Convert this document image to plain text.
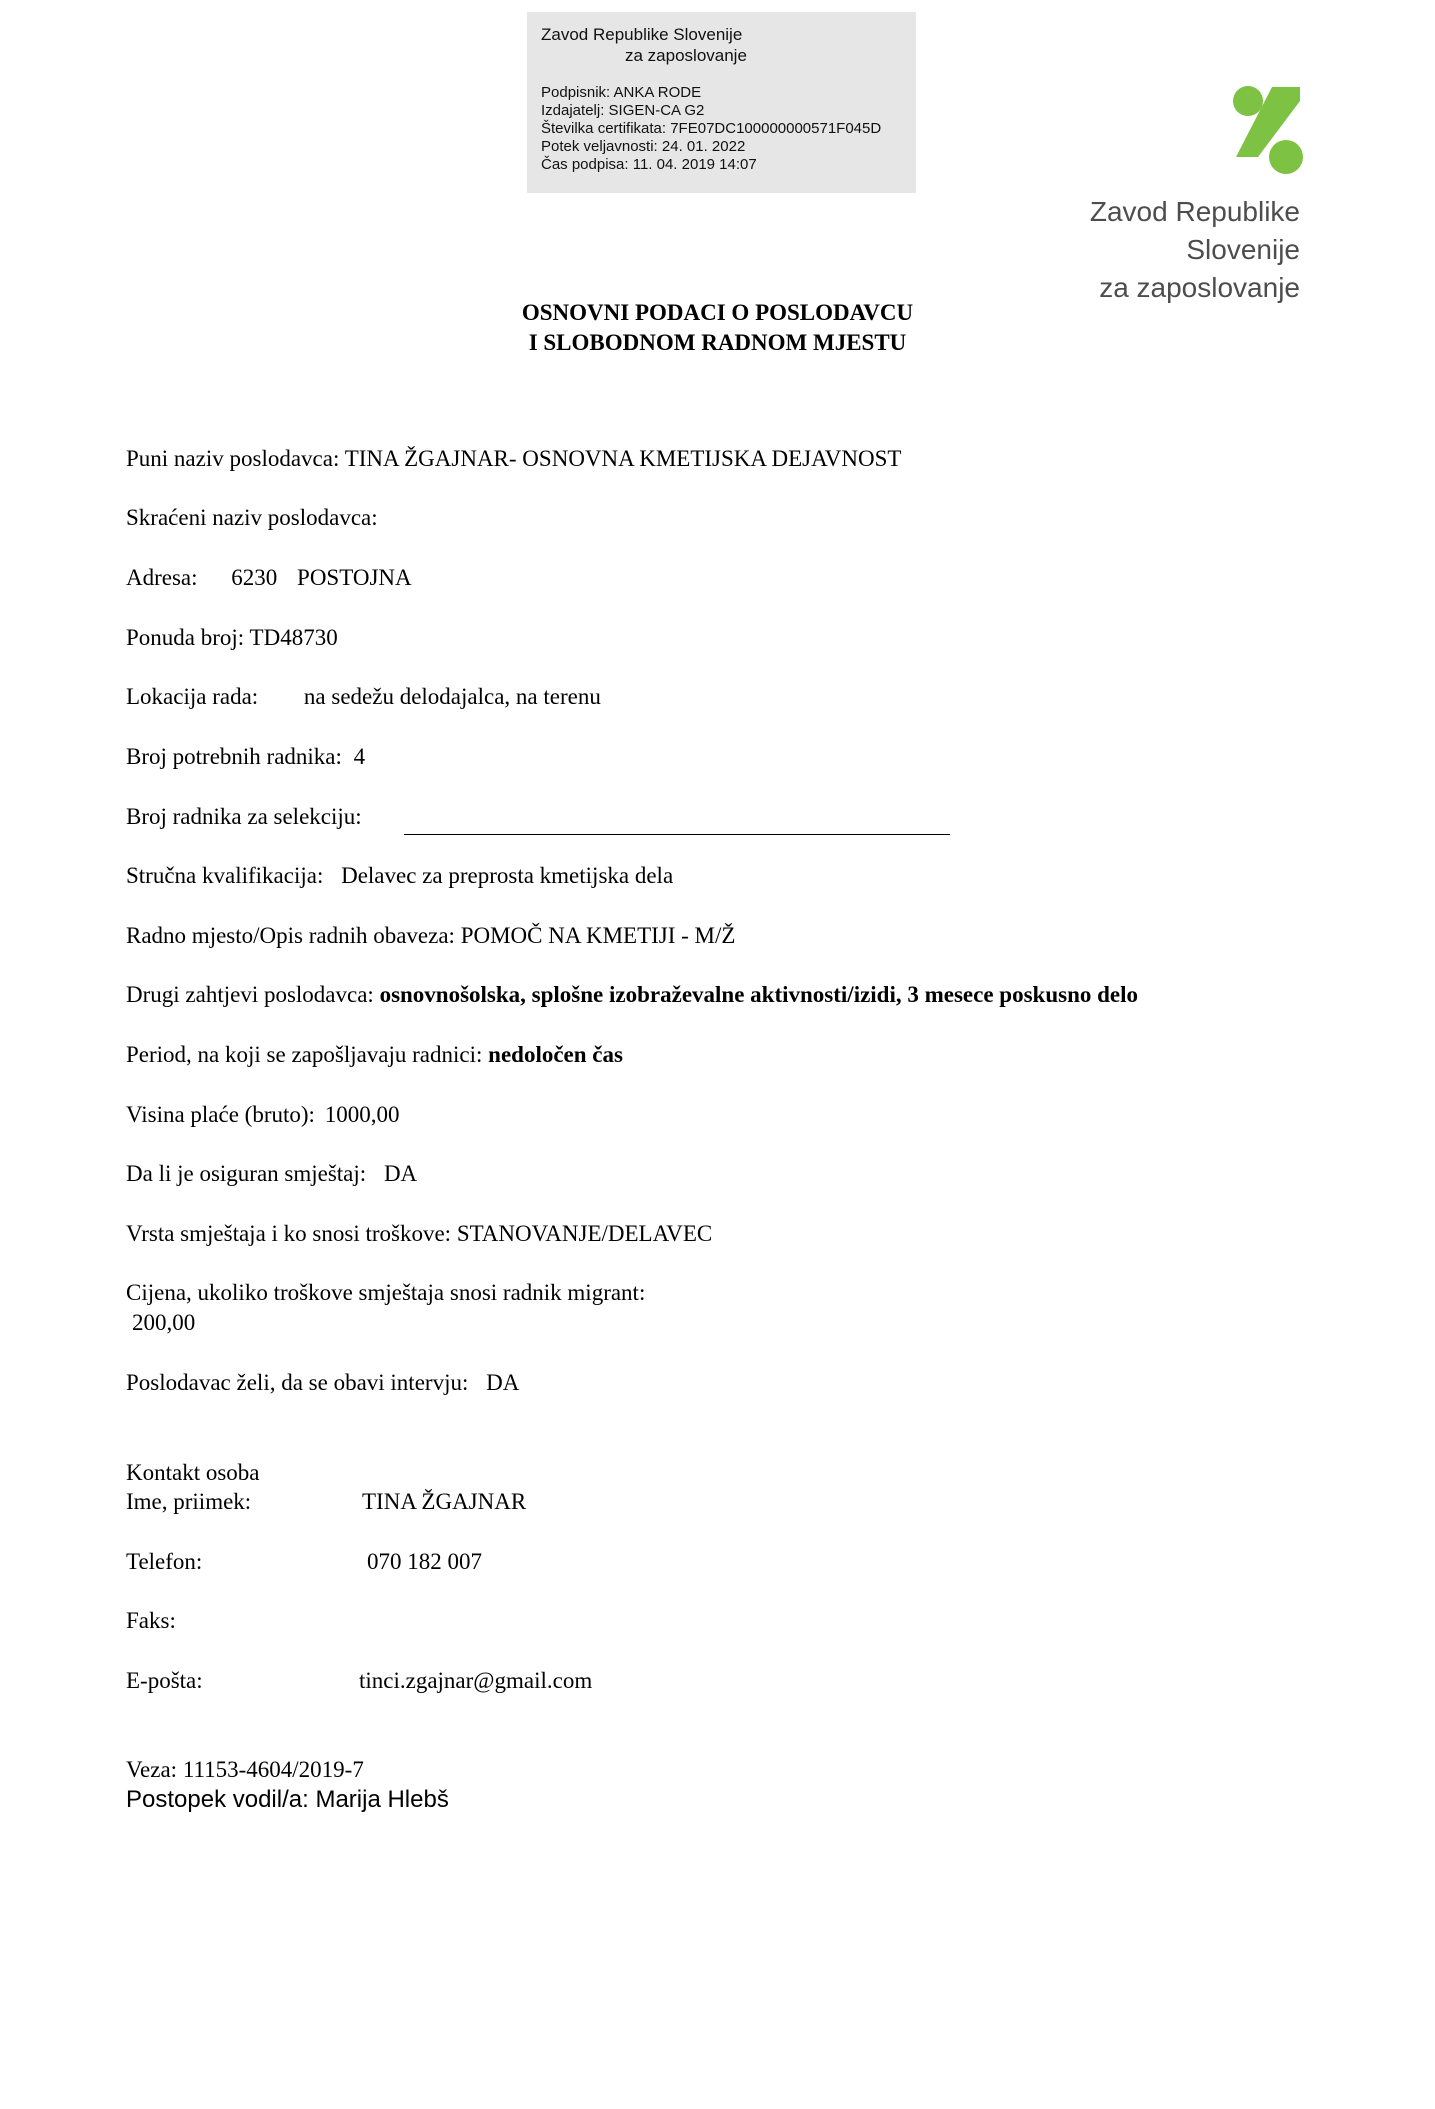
Zavod Republike Slovenije
za zaposlovanje
Podpisnik: ANKA RODE
Izdajatelj: SIGEN-CA G2
Številka certifikata: 7FE07DC100000000571F045D
Potek veljavnosti: 24. 01. 2022
Čas podpisa: 11. 04. 2019 14:07
Zavod Republike Slovenije
za zaposlovanje
OSNOVNI PODACI O POSLODAVCU
I SLOBODNOM RADNOM MJESTU
Puni naziv poslodavca: TINA ŽGAJNAR- OSNOVNA KMETIJSKA DEJAVNOST
Skraćeni naziv poslodavca:
Adresa: 6230 POSTOJNA
Ponuda broj: TD48730
Lokacija rada: na sedežu delodajalca, na terenu
Broj potrebnih radnika: 4
Broj radnika za selekciju:
Stručna kvalifikacija: Delavec za preprosta kmetijska dela
Radno mjesto/Opis radnih obaveza: POMOČ NA KMETIJI - M/Ž
Drugi zahtjevi poslodavca: osnovnošolska, splošne izobraževalne aktivnosti/izidi, 3 mesece poskusno delo
Period, na koji se zapošljavaju radnici: nedoločen čas
Visina plaće (bruto): 1000,00
Da li je osiguran smještaj: DA
Vrsta smještaja i ko snosi troškove: STANOVANJE/DELAVEC
Cijena, ukoliko troškove smještaja snosi radnik migrant:
200,00
Poslodavac želi, da se obavi intervju: DA
Kontakt osoba
Ime, priimek:	TINA ŽGAJNAR
Telefon:	070 182 007
Faks:
E-pošta:	tinci.zgajnar@gmail.com
Veza: 11153-4604/2019-7
Postopek vodil/a: Marija Hlebš
